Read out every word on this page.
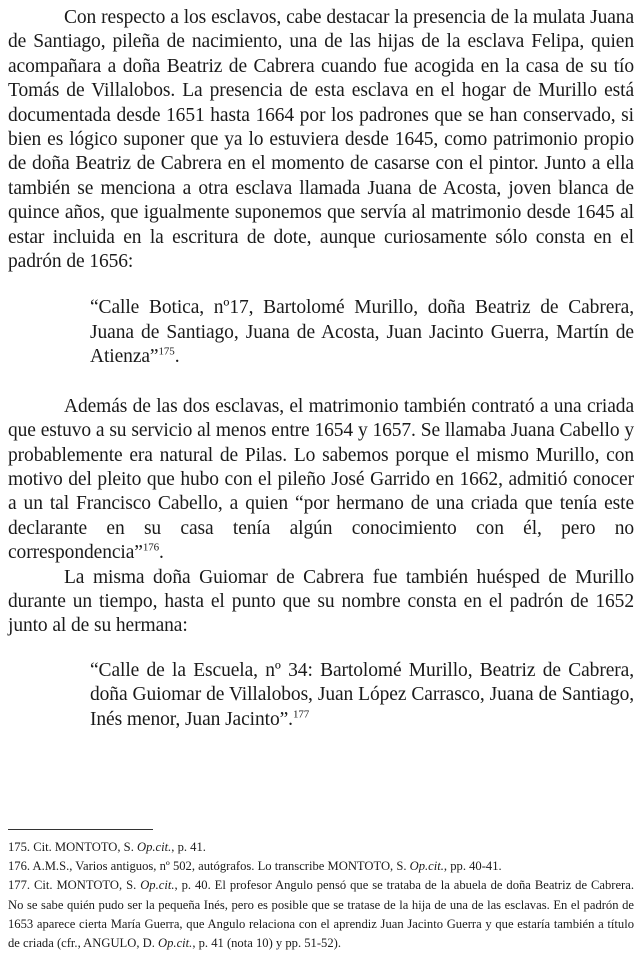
Con respecto a los esclavos, cabe destacar la presencia de la mulata Juana de Santiago, pileña de nacimiento, una de las hijas de la esclava Felipa, quien acompañara a doña Beatriz de Cabrera cuando fue acogida en la casa de su tío Tomás de Villalobos. La presencia de esta esclava en el hogar de Murillo está documentada desde 1651 hasta 1664 por los padrones que se han conservado, si bien es lógico suponer que ya lo estuviera desde 1645, como patrimonio propio de doña Beatriz de Cabrera en el momento de casarse con el pintor. Junto a ella también se menciona a otra esclava llamada Juana de Acosta, joven blanca de quince años, que igualmente suponemos que servía al matrimonio desde 1645 al estar incluida en la escritura de dote, aunque curiosamente sólo consta en el padrón de 1656:

“Calle Botica, nº17, Bartolomé Murillo, doña Beatriz de Cabrera, Juana de Santiago, Juana de Acosta, Juan Jacinto Guerra, Martín de Atienza”$^{175}$.

Además de las dos esclavas, el matrimonio también contrató a una criada que estuvo a su servicio al menos entre 1654 y 1657. Se llamaba Juana Cabello y probablemente era natural de Pilas. Lo sabemos porque el mismo Murillo, con motivo del pleito que hubo con el pileño José Garrido en 1662, admitió conocer a un tal Francisco Cabello, a quien “por hermano de una criada que tenía este declarante en su casa tenía algún conocimiento con él, pero no correspondencia”$^{176}$.

La misma doña Guiomar de Cabrera fue también huésped de Murillo durante un tiempo, hasta el punto que su nombre consta en el padrón de 1652 junto al de su hermana:

“Calle de la Escuela, nº 34: Bartolomé Murillo, Beatriz de Cabrera, doña Guiomar de Villalobos, Juan López Carrasco, Juana de Santiago, Inés menor, Juan Jacinto”.$^{177}$

175. Cit. MONTOTO, S. Op.cit., p. 41.

176. A.M.S., Varios antiguos, nº 502, autógrafos. Lo transcribe MONTOTO, S. Op.cit., pp. 40-41.

177. Cit. MONTOTO, S. Op.cit., p. 40. El profesor Angulo pensó que se trataba de la abuela de doña Beatriz de Cabrera. No se sabe quién pudo ser la pequeña Inés, pero es posible que se tratase de la hija de una de las esclavas. En el padrón de 1653 aparece cierta María Guerra, que Angulo relaciona con el aprendiz Juan Jacinto Guerra y que estaría también a título de criada (cfr., ANGULO, D. Op.cit., p. 41 (nota 10) y pp. 51-52).
